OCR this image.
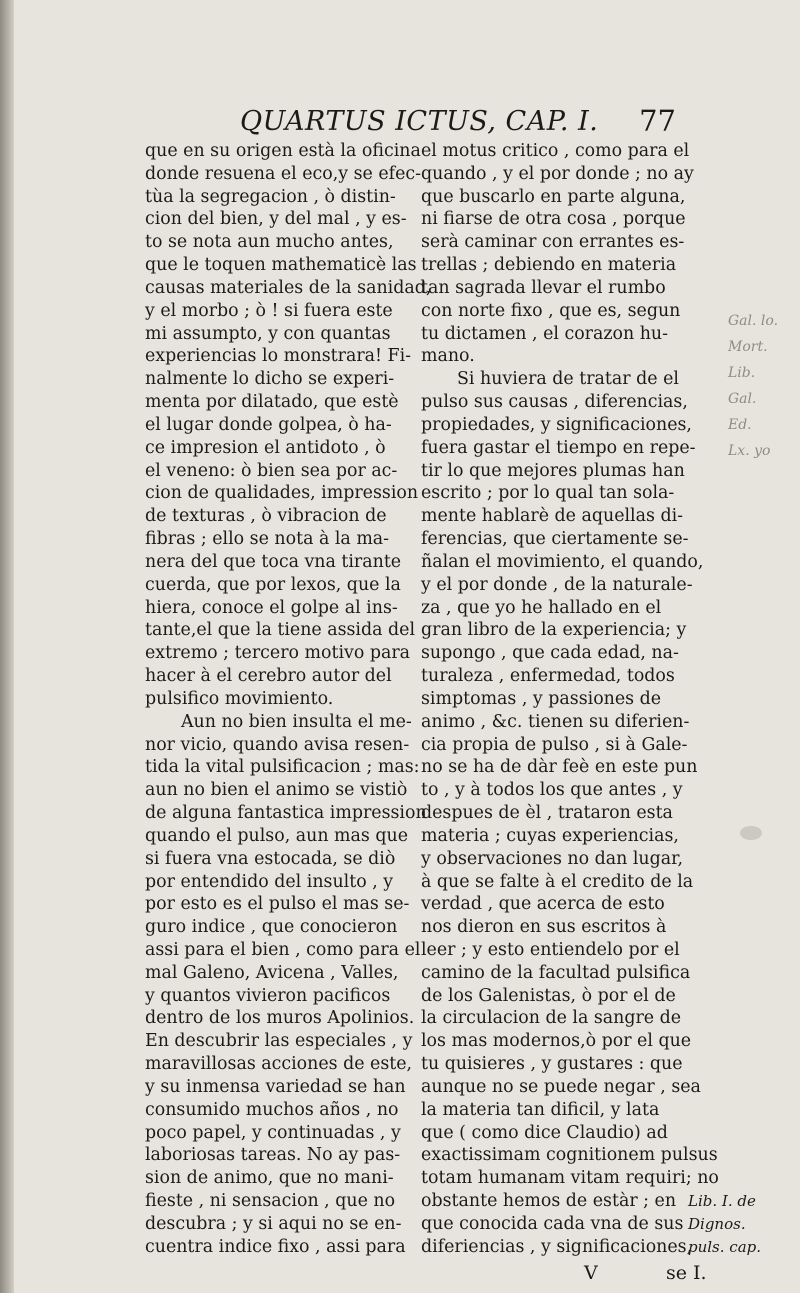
QUARTUS ICTUS, CAP. I. 77
que en su origen està la oficina
donde resuena el eco,y se efec-
tùa la segregacion , ò distin-
cion del bien, y del mal , y es-
to se nota aun mucho antes,
que le toquen mathematicè las
causas materiales de la sanidad,
y el morbo ; ò ! si fuera este
mi assumpto, y con quantas
experiencias lo monstrara! Fi-
nalmente lo dicho se experi-
menta por dilatado, que estè
el lugar donde golpea, ò ha-
ce impresion el antidoto , ò
el veneno: ò bien sea por ac-
cion de qualidades, impression
de texturas , ò vibracion de
fibras ; ello se nota à la ma-
nera del que toca vna tirante
cuerda, que por lexos, que la
hiera, conoce el golpe al ins-
tante,el que la tiene assida del
extremo ; tercero motivo para
hacer à el cerebro autor del
pulsifico movimiento.
Aun no bien insulta el me-
nor vicio, quando avisa resen-
tida la vital pulsificacion ; mas:
aun no bien el animo se vistiò
de alguna fantastica impression
quando el pulso, aun mas que
si fuera vna estocada, se diò
por entendido del insulto , y
por esto es el pulso el mas se-
guro indice , que conocieron
assi para el bien , como para el
mal Galeno, Avicena , Valles,
y quantos vivieron pacificos
dentro de los muros Apolinios.
En descubrir las especiales , y
maravillosas acciones de este,
y su inmensa variedad se han
consumido muchos años , no
poco papel, y continuadas , y
laboriosas tareas. No ay pas-
sion de animo, que no mani-
fieste , ni sensacion , que no
descubra ; y si aqui no se en-
cuentra indice fixo , assi para
el motus critico , como para el
quando , y el por donde ; no ay
que buscarlo en parte alguna,
ni fiarse de otra cosa , porque
serà caminar con errantes es-
trellas ; debiendo en materia
tan sagrada llevar el rumbo
con norte fixo , que es, segun
tu dictamen , el corazon hu-
mano.
Si huviera de tratar de el
pulso sus causas , diferencias,
propiedades, y significaciones,
fuera gastar el tiempo en repe-
tir lo que mejores plumas han
escrito ; por lo qual tan sola-
mente hablarè de aquellas di-
ferencias, que ciertamente se-
ñalan el movimiento, el quando,
y el por donde , de la naturale-
za , que yo he hallado en el
gran libro de la experiencia; y
supongo , que cada edad, na-
turaleza , enfermedad, todos
simptomas , y passiones de
animo , &c. tienen su diferien-
cia propia de pulso , si à Gale-
no se ha de dàr feè en este pun
to , y à todos los que antes , y
despues de èl , trataron esta
materia ; cuyas experiencias,
y observaciones no dan lugar,
à que se falte à el credito de la
verdad , que acerca de esto
nos dieron en sus escritos à
leer ; y esto entiendelo por el
camino de la facultad pulsifica
de los Galenistas, ò por el de
la circulacion de la sangre de
los mas modernos,ò por el que
tu quisieres , y gustares : que
aunque no se puede negar , sea
la materia tan dificil, y lata
que ( como dice Claudio) ad
exactissimam cognitionem pulsus
totam humanam vitam requiri; no
obstante hemos de estàr ; en
que conocida cada vna de sus
diferiencias , y significaciones,
Lib. I. de
Dignos.
puls. cap.
Gal. lo.
Mort.
Lib.
Gal.
Ed.
Lx. yo
V	se I.
